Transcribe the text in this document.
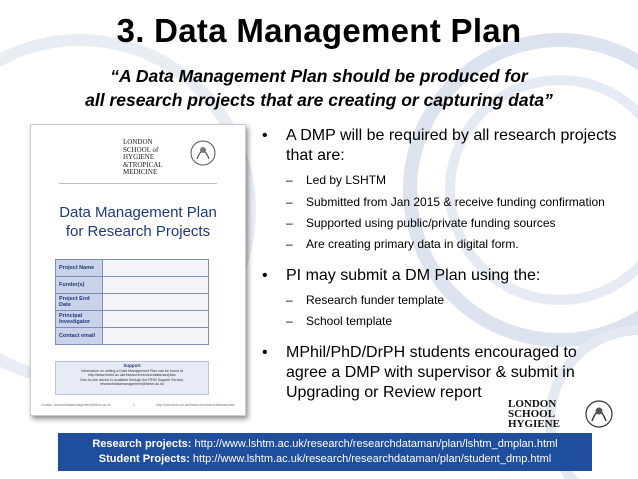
3. Data Management Plan
“A Data Management Plan should be produced for
all research projects that are creating or capturing data”
LONDON
SCHOOL of
HYGIENE
&TROPICAL
MEDICINE
Data Management Plan
for Research Projects
Project Name	
Funder(s)	
Project End Date	
Principal Investigator	
Contact email	
Support
Information on writing a Data Management Plan can be found at
http://www.lshtm.ac.uk/research/researchdataman/plan/
One-to-one advice is available through the RDM Support Service,
researchdatamanagement@lshtm.ac.uk
Contact: researchdatamanagement@lshtm.ac.uk	1	http://www.lshtm.ac.uk/research/researchdataman/plan/
• A DMP will be required by all research projects that are:
– Led by LSHTM
– Submitted from Jan 2015 & receive funding confirmation
– Supported using public/private funding sources
– Are creating primary data in digital form.
• PI may submit a DM Plan using the:
– Research funder template
– School template
• MPhil/PhD/DrPH students encouraged to agree a DMP with supervisor & submit in Upgrading or Review report
LONDON
SCHOOL
HYGIENE
Research projects: http://www.lshtm.ac.uk/research/researchdataman/plan/lshtm_dmplan.html
Student Projects: http://www.lshtm.ac.uk/research/researchdataman/plan/student_dmp.html
